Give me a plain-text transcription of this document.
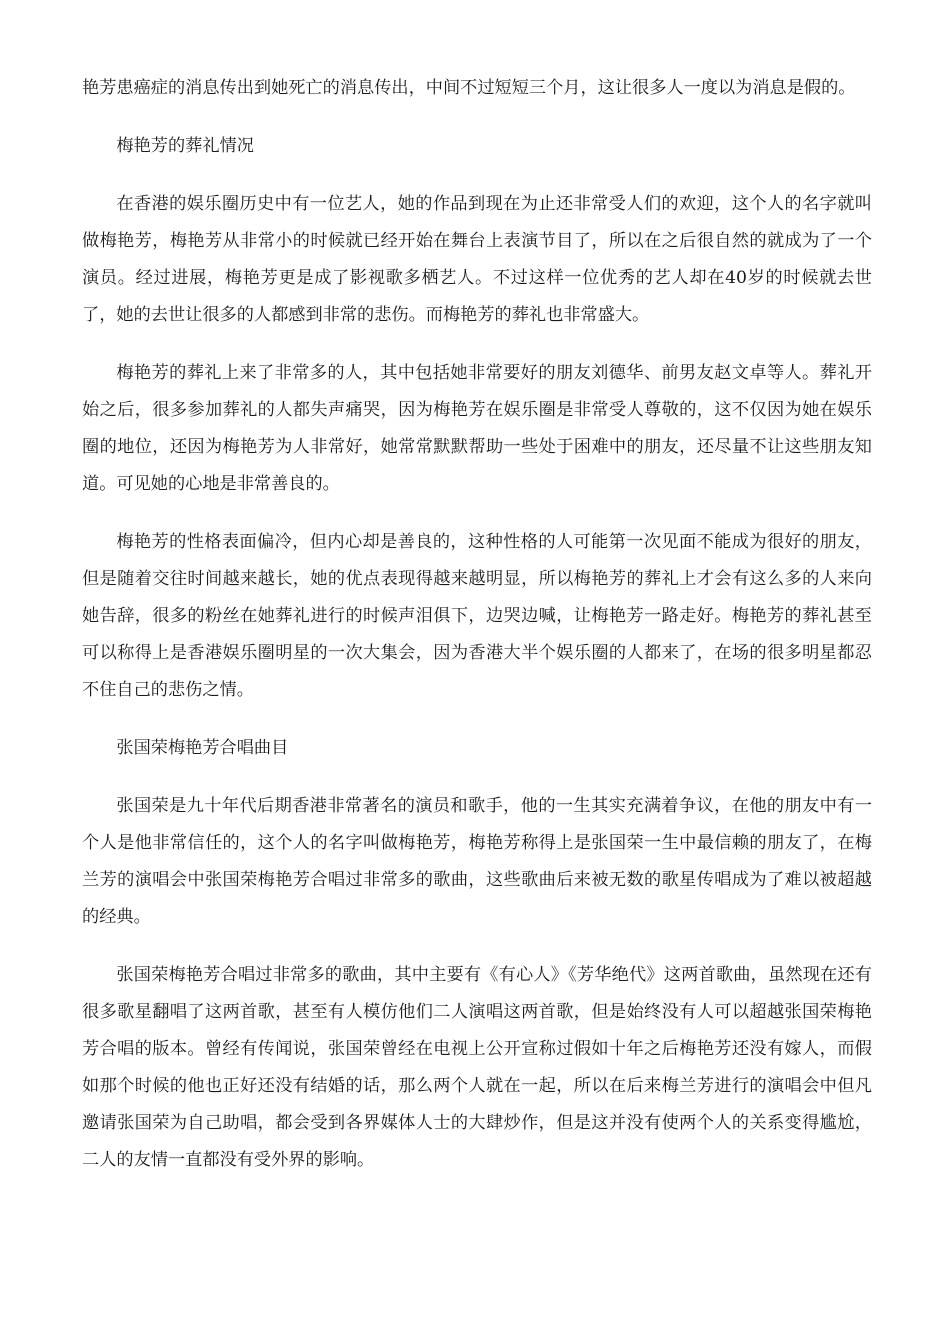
艳芳患癌症的消息传出到她死亡的消息传出，中间不过短短三个月，这让很多人一度以为消息是假的。

梅艳芳的葬礼情况

在香港的娱乐圈历史中有一位艺人，她的作品到现在为止还非常受人们的欢迎，这个人的名字就叫做梅艳芳，梅艳芳从非常小的时候就已经开始在舞台上表演节目了，所以在之后很自然的就成为了一个演员。经过进展，梅艳芳更是成了影视歌多栖艺人。不过这样一位优秀的艺人却在40岁的时候就去世了，她的去世让很多的人都感到非常的悲伤。而梅艳芳的葬礼也非常盛大。

梅艳芳的葬礼上来了非常多的人，其中包括她非常要好的朋友刘德华、前男友赵文卓等人。葬礼开始之后，很多参加葬礼的人都失声痛哭，因为梅艳芳在娱乐圈是非常受人尊敬的，这不仅因为她在娱乐圈的地位，还因为梅艳芳为人非常好，她常常默默帮助一些处于困难中的朋友，还尽量不让这些朋友知道。可见她的心地是非常善良的。

梅艳芳的性格表面偏冷，但内心却是善良的，这种性格的人可能第一次见面不能成为很好的朋友，但是随着交往时间越来越长，她的优点表现得越来越明显，所以梅艳芳的葬礼上才会有这么多的人来向她告辞，很多的粉丝在她葬礼进行的时候声泪俱下，边哭边喊，让梅艳芳一路走好。梅艳芳的葬礼甚至可以称得上是香港娱乐圈明星的一次大集会，因为香港大半个娱乐圈的人都来了，在场的很多明星都忍不住自己的悲伤之情。

张国荣梅艳芳合唱曲目

张国荣是九十年代后期香港非常著名的演员和歌手，他的一生其实充满着争议，在他的朋友中有一个人是他非常信任的，这个人的名字叫做梅艳芳，梅艳芳称得上是张国荣一生中最信赖的朋友了，在梅兰芳的演唱会中张国荣梅艳芳合唱过非常多的歌曲，这些歌曲后来被无数的歌星传唱成为了难以被超越的经典。

张国荣梅艳芳合唱过非常多的歌曲，其中主要有《有心人》《芳华绝代》这两首歌曲，虽然现在还有很多歌星翻唱了这两首歌，甚至有人模仿他们二人演唱这两首歌，但是始终没有人可以超越张国荣梅艳芳合唱的版本。曾经有传闻说，张国荣曾经在电视上公开宣称过假如十年之后梅艳芳还没有嫁人，而假如那个时候的他也正好还没有结婚的话，那么两个人就在一起，所以在后来梅兰芳进行的演唱会中但凡邀请张国荣为自己助唱，都会受到各界媒体人士的大肆炒作，但是这并没有使两个人的关系变得尴尬，二人的友情一直都没有受外界的影响。
